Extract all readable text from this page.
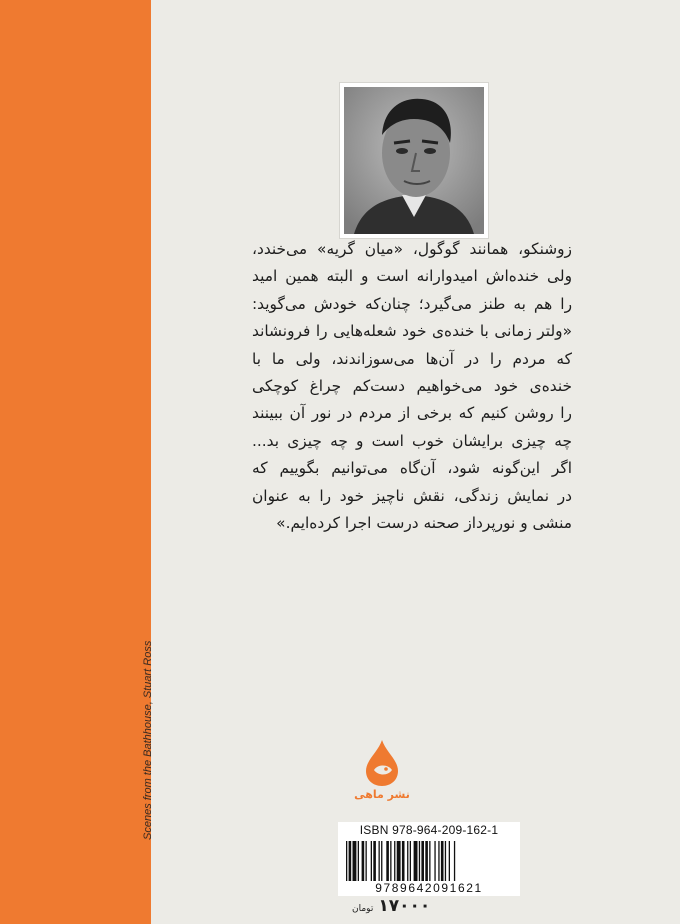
Scenes from the Bathhouse, Stuart Ross
زوشنکو، همانند گوگول، «میان گریه» می‌خندد،
ولی خنده‌اش امیدوارانه است و البته همین امید
را هم به طنز می‌گیرد؛ چنان‌که خودش می‌گوید:
«ولتر زمانی با خنده‌ی خود شعله‌هایی را فرونشاند
که مردم را در آن‌ها می‌سوزاندند، ولی ما با
خنده‌ی خود می‌خواهیم دست‌کم چراغ کوچکی
را روشن کنیم که برخی از مردم در نور آن ببینند
چه چیزی برایشان خوب است و چه چیزی بد...
اگر این‌گونه شود، آن‌گاه می‌توانیم بگوییم که
در نمایش زندگی، نقش ناچیز خود را به عنوان
منشی و نورپرداز صحنه درست اجرا کرده‌ایم.»
نشر ماهی
ISBN 978-964-209-162-1
9789642091621
۱۷۰۰۰ تومان
